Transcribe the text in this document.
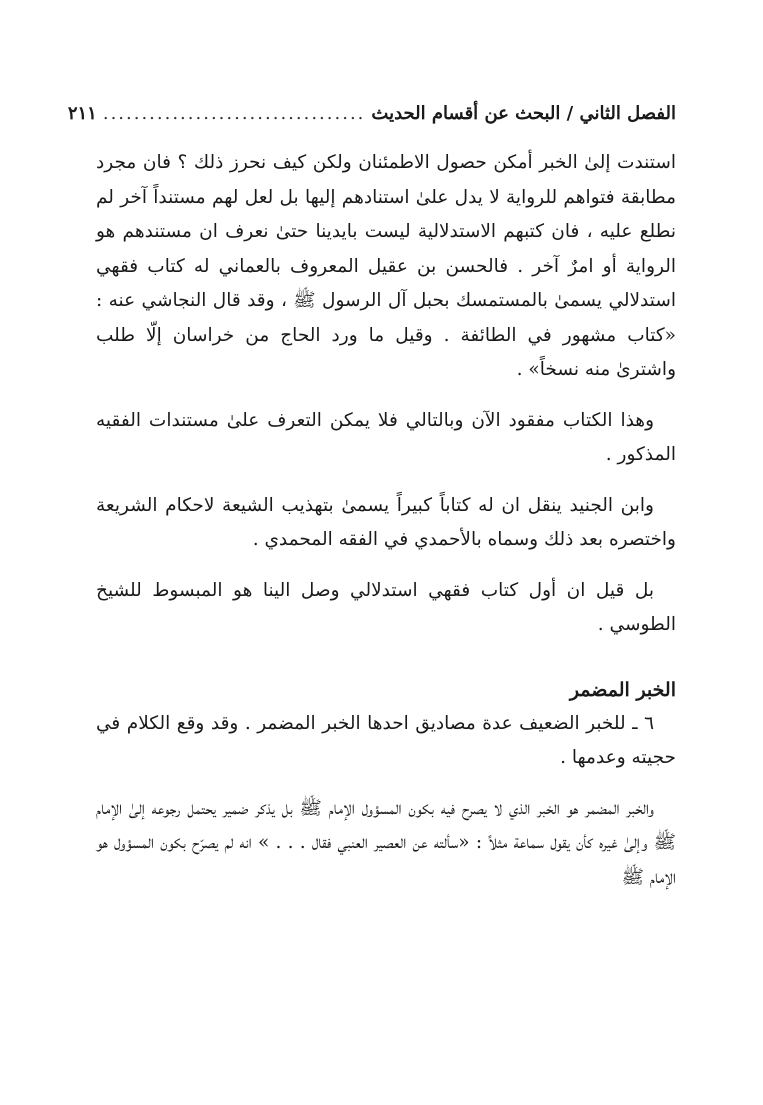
الفصل الثاني / البحث عن أقسام الحديث
..................................
٢١١

استندت إلىٰ الخبر أمكن حصول الاطمئنان ولكن كيف نحرز ذلك ؟ فان مجرد مطابقة فتواهم للرواية لا يدل علىٰ استنادهم إليها بل لعل لهم مستنداً آخر لم نطلع عليه ، فان كتبهم الاستدلالية ليست بايدينا حتىٰ نعرف ان مستندهم هو الرواية أو امرٌ آخر . فالحسن بن عقيل المعروف بالعماني له كتاب فقهي استدلالي يسمىٰ بالمستمسك بحبل آل الرسول ﷺ ، وقد قال النجاشي عنه : «كتاب مشهور في الطائفة . وقيل ما ورد الحاج من خراسان إلّا طلب واشترىٰ منه نسخاً» .

وهذا الكتاب مفقود الآن وبالتالي فلا يمكن التعرف علىٰ مستندات الفقيه المذكور .

وابن الجنيد ينقل ان له كتاباً كبيراً يسمىٰ بتهذيب الشيعة لاحكام الشريعة واختصره بعد ذلك وسماه بالأحمدي في الفقه المحمدي .

بل قيل ان أول كتاب فقهي استدلالي وصل الينا هو المبسوط للشيخ الطوسي .

الخبر المضمر

٦ ـ للخبر الضعيف عدة مصاديق احدها الخبر المضمر . وقد وقع الكلام في حجيته وعدمها .

والخبر المضمر هو الخبر الذي لا يصرح فيه بكون المسؤول الإمام ﷺ بل يذكر ضمير يحتمل رجوعه إلىٰ الإمام ﷺ وإلىٰ غيره كأن يقول سماعة مثلاً : «سألته عن العصير العنبي فقال . . . » انه لم يصرّح بكون المسؤول هو الإمام ﷺ
